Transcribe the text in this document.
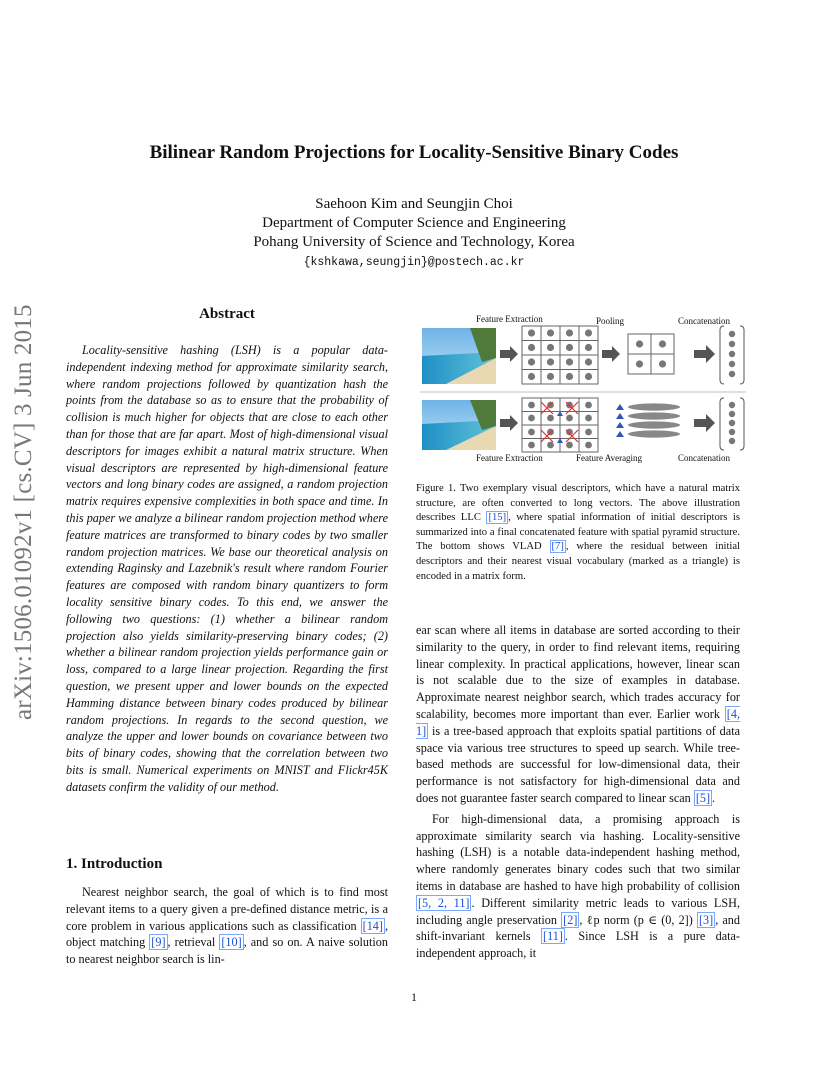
arXiv:1506.01092v1 [cs.CV] 3 Jun 2015
Bilinear Random Projections for Locality-Sensitive Binary Codes
Saehoon Kim and Seungjin Choi
Department of Computer Science and Engineering
Pohang University of Science and Technology, Korea
{kshkawa,seungjin}@postech.ac.kr
Abstract

Locality-sensitive hashing (LSH) is a popular data-independent indexing method for approximate similarity search, where random projections followed by quantization hash the points from the database so as to ensure that the probability of collision is much higher for objects that are close to each other than for those that are far apart. Most of high-dimensional visual descriptors for images exhibit a natural matrix structure. When visual descriptors are represented by high-dimensional feature vectors and long binary codes are assigned, a random projection matrix requires expensive complexities in both space and time. In this paper we analyze a bilinear random projection method where feature matrices are transformed to binary codes by two smaller random projection matrices. We base our theoretical analysis on extending Raginsky and Lazebnik's result where random Fourier features are composed with random binary quantizers to form locality sensitive binary codes. To this end, we answer the following two questions: (1) whether a bilinear random projection also yields similarity-preserving binary codes; (2) whether a bilinear random projection yields performance gain or loss, compared to a large linear projection. Regarding the first question, we present upper and lower bounds on the expected Hamming distance between binary codes produced by bilinear random projections. In regards to the second question, we analyze the upper and lower bounds on covariance between two bits of binary codes, showing that the correlation between two bits is small. Numerical experiments on MNIST and Flickr45K datasets confirm the validity of our method.

1. Introduction

Nearest neighbor search, the goal of which is to find most relevant items to a query given a pre-defined distance metric, is a core problem in various applications such as classification [14] , object matching [9] , retrieval [10] , and so on. A naive solution to nearest neighbor search is lin-

Feature Extraction	Pooling	Concatenation
Feature Extraction	Feature Averaging	Concatenation
Figure 1. Two exemplary visual descriptors, which have a natural matrix structure, are often converted to long vectors. The above illustration describes LLC [15] , where spatial information of initial descriptors is summarized into a final concatenated feature with spatial pyramid structure. The bottom shows VLAD [7] , where the residual between initial descriptors and their nearest visual vocabulary (marked as a triangle) is encoded in a matrix form.

ear scan where all items in database are sorted according to their similarity to the query, in order to find relevant items, requiring linear complexity. In practical applications, however, linear scan is not scalable due to the size of examples in database. Approximate nearest neighbor search, which trades accuracy for scalability, becomes more important than ever. Earlier work [4, 1] is a tree-based approach that exploits spatial partitions of data space via various tree structures to speed up search. While tree-based methods are successful for low-dimensional data, their performance is not satisfactory for high-dimensional data and does not guarantee faster search compared to linear scan [5] .

For high-dimensional data, a promising approach is approximate similarity search via hashing. Locality-sensitive hashing (LSH) is a notable data-independent hashing method, where randomly generates binary codes such that two similar items in database are hashed to have high probability of collision [5, 2, 11] . Different similarity metric leads to various LSH, including angle preservation [2] , ℓp norm (p ∈ (0, 2]) [3] , and shift-invariant kernels [11] . Since LSH is a pure data-independent approach, it

1
